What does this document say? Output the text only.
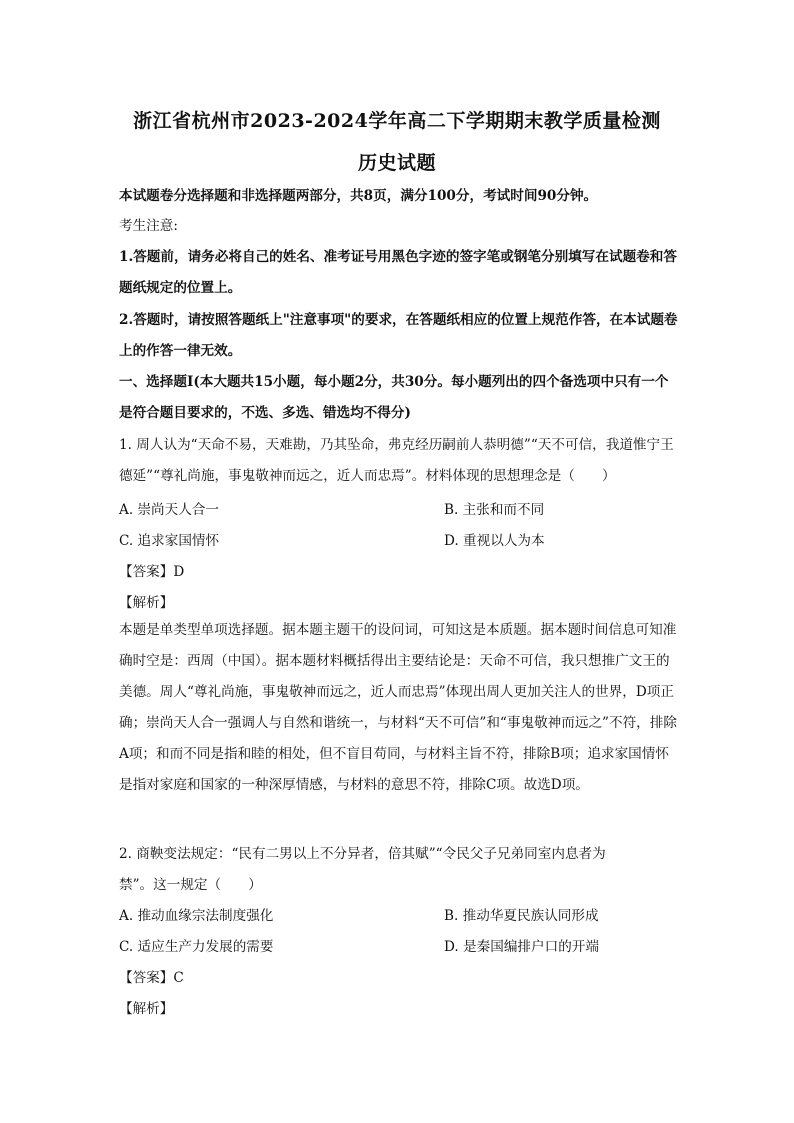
浙江省杭州市2023-2024学年高二下学期期末教学质量检测
历史试题

本试题卷分选择题和非选择题两部分，共8页，满分100分，考试时间90分钟。

考生注意:

1.答题前，请务必将自己的姓名、准考证号用黑色字迹的签字笔或钢笔分别填写在试题卷和答题纸规定的位置上。

2.答题时，请按照答题纸上"注意事项"的要求，在答题纸相应的位置上规范作答，在本试题卷上的作答一律无效。

一、选择题I(本大题共15小题，每小题2分，共30分。每小题列出的四个备选项中只有一个是符合题目要求的，不选、多选、错选均不得分)

1. 周人认为“天命不易，天难勘，乃其坠命，弗克经历嗣前人恭明德”“天不可信，我道惟宁王德延”“尊礼尚施，事鬼敬神而远之，近人而忠焉”。材料体现的思想理念是（　　）

A. 崇尚天人合一	B. 主张和而不同
C. 追求家国情怀	D. 重视以人为本
【答案】D
【解析】

本题是单类型单项选择题。据本题主题干的设问词，可知这是本质题。据本题时间信息可知准确时空是：西周（中国）。据本题材料概括得出主要结论是：天命不可信，我只想推广文王的美德。周人“尊礼尚施，事鬼敬神而远之，近人而忠焉”体现出周人更加关注人的世界，D项正确；崇尚天人合一强调人与自然和谐统一，与材料“天不可信”和“事鬼敬神而远之”不符，排除A项；和而不同是指和睦的相处，但不盲目苟同，与材料主旨不符，排除B项；追求家国情怀是指对家庭和国家的一种深厚情感，与材料的意思不符，排除C项。故选D项。

2. 商鞅变法规定：“民有二男以上不分异者，倍其赋”“令民父子兄弟同室内息者为
禁”。这一规定（　　）
A. 推动血缘宗法制度强化	B. 推动华夏民族认同形成
C. 适应生产力发展的需要	D. 是秦国编排户口的开端
【答案】C
【解析】
